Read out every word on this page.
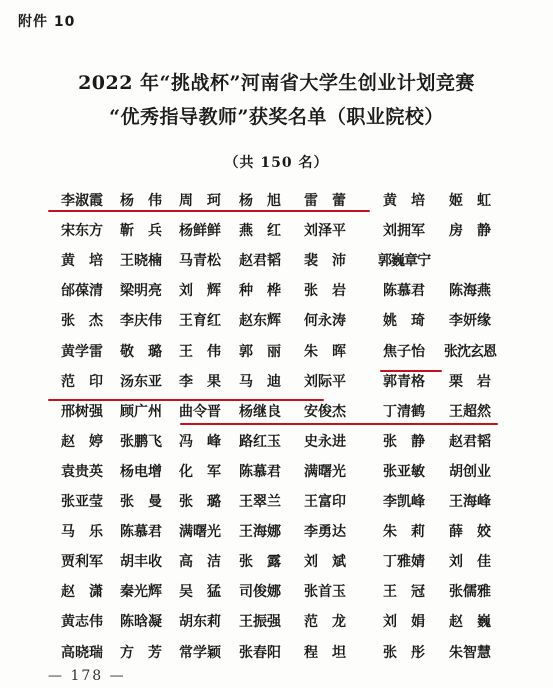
附件 10
2022 年“挑战杯”河南省大学生创业计划竞赛
“优秀指导教师”获奖名单（职业院校）
（共 150 名）
李淑霞	杨　伟	周　珂	杨　旭	雷　蕾	黄　培	姬　虹
宋东方	靳　兵	杨鲜鲜	燕　红	刘泽平	刘拥军	房　静
黄　培	王晓楠	马青松	赵君韬	裴　沛	郭巍章宁
邰葆清	梁明亮	刘　辉	种　桦	张　岩	陈慕君	陈海燕
张　杰	李庆伟	王育红	赵东辉	何永涛	姚　琦	李妍缘
黄学雷	敬　璐	王　伟	郭　丽	朱　晖	焦子怡	张沈玄恩
范　印	汤东亚	李　果	马　迪	刘际平	郭青格	栗　岩
邢树强	顾广州	曲令晋	杨继良	安俊杰	丁清鹤	王超然
赵　婷	张鹏飞	冯　峰	路红玉	史永进	张　静	赵君韬
袁贵英	杨电增	化　军	陈慕君	满曙光	张亚敏	胡创业
张亚莹	张　曼	张　璐	王翠兰	王富印	李凯峰	王海峰
马　乐	陈慕君	满曙光	王海娜	李勇达	朱　莉	薛　姣
贾利军	胡丰收	高　洁	张　露	刘　斌	丁雅婧	刘　佳
赵　潇	秦光辉	吴　猛	司俊娜	张首玉	王　冠	张儒雅
黄志伟	陈晗凝	胡东莉	王振强	范　龙	刘　娟	赵　巍
高晓瑞	方　芳	常学颖	张春阳	程　坦	张　彤	朱智慧
— 178 —
